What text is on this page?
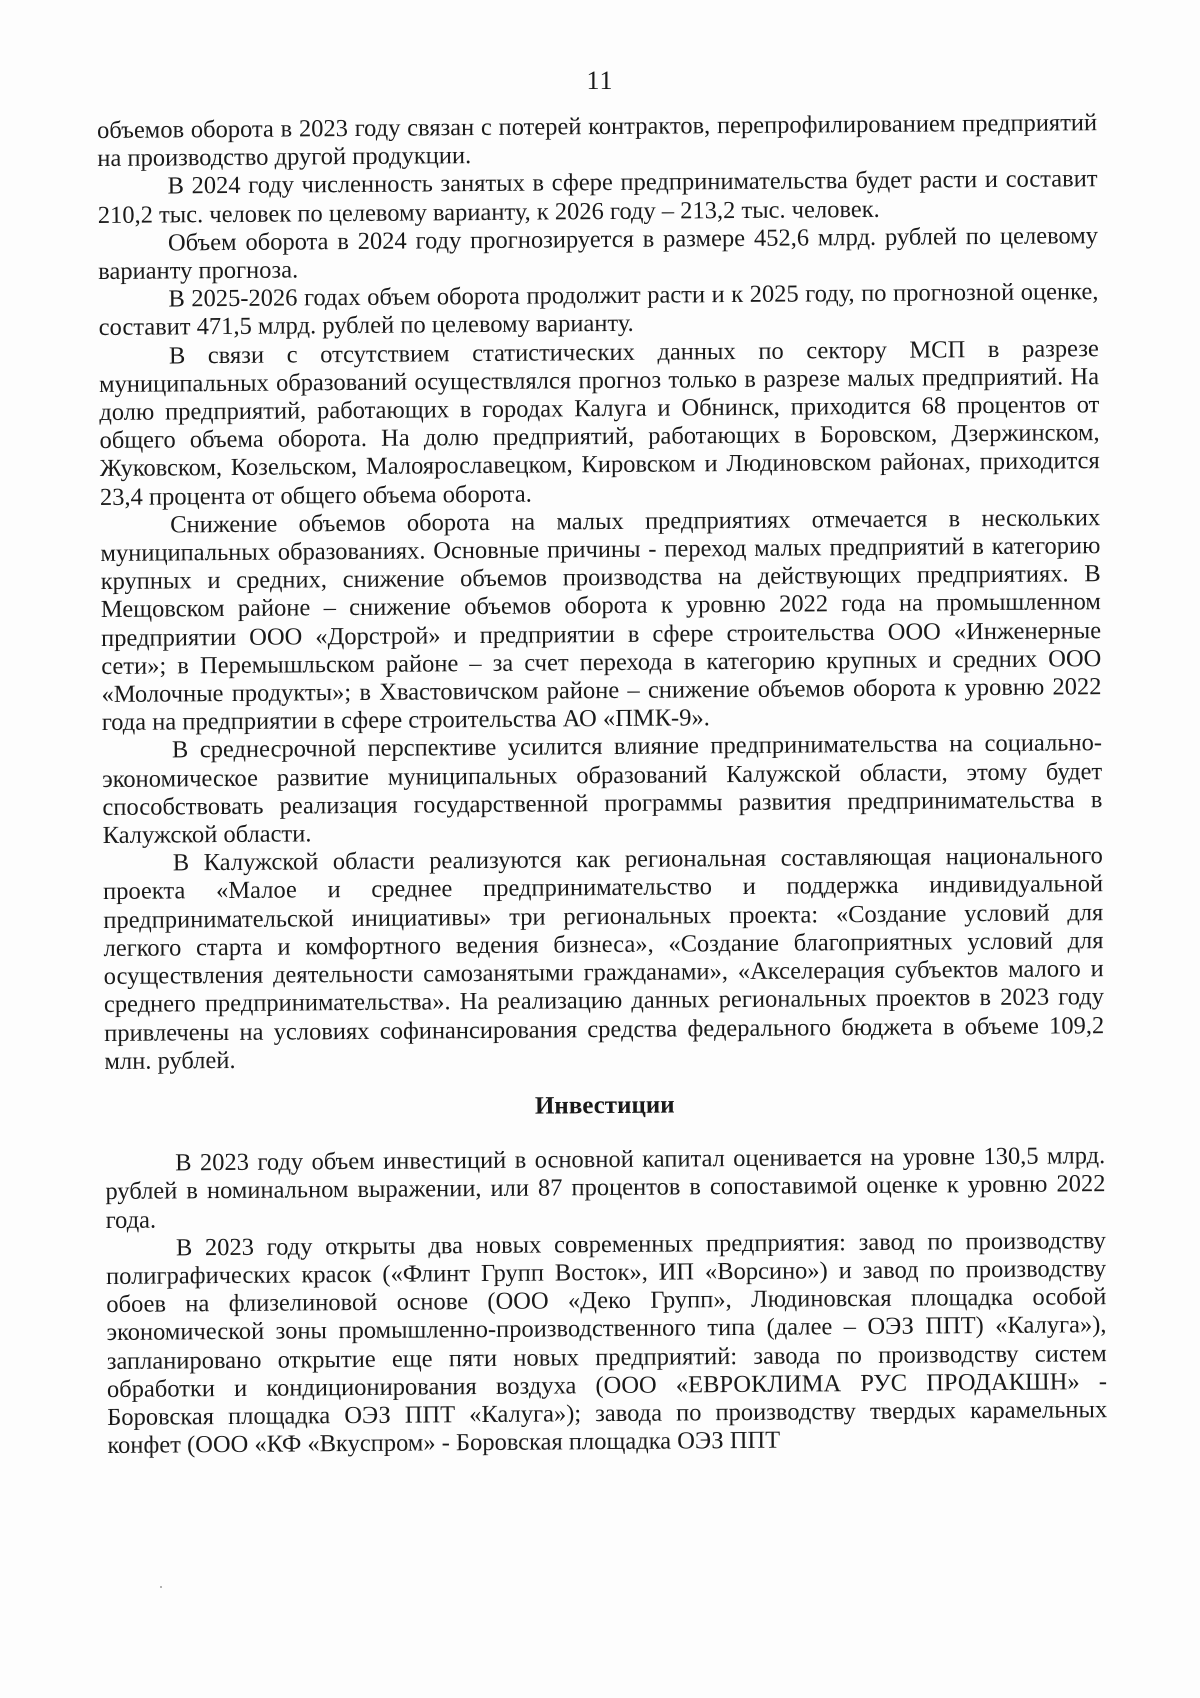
11

объемов оборота в 2023 году связан с потерей контрактов, перепрофилированием предприятий на производство другой продукции.

В 2024 году численность занятых в сфере предпринимательства будет расти и составит 210,2 тыс. человек по целевому варианту, к 2026 году – 213,2 тыс. человек.

Объем оборота в 2024 году прогнозируется в размере 452,6 млрд. рублей по целевому варианту прогноза.

В 2025-2026 годах объем оборота продолжит расти и к 2025 году, по прогнозной оценке, составит 471,5 млрд. рублей по целевому варианту.

В связи с отсутствием статистических данных по сектору МСП в разрезе муниципальных образований осуществлялся прогноз только в разрезе малых предприятий. На долю предприятий, работающих в городах Калуга и Обнинск, приходится 68 процентов от общего объема оборота. На долю предприятий, работающих в Боровском, Дзержинском, Жуковском, Козельском, Малоярославецком, Кировском и Людиновском районах, приходится 23,4 процента от общего объема оборота.

Снижение объемов оборота на малых предприятиях отмечается в нескольких муниципальных образованиях. Основные причины - переход малых предприятий в категорию крупных и средних, снижение объемов производства на действующих предприятиях. В Мещовском районе – снижение объемов оборота к уровню 2022 года на промышленном предприятии ООО «Дорстрой» и предприятии в сфере строительства ООО «Инженерные сети»; в Перемышльском районе – за счет перехода в категорию крупных и средних ООО «Молочные продукты»; в Хвастовичском районе – снижение объемов оборота к уровню 2022 года на предприятии в сфере строительства АО «ПМК-9».

В среднесрочной перспективе усилится влияние предпринимательства на социально-экономическое развитие муниципальных образований Калужской области, этому будет способствовать реализация государственной программы развития предпринимательства в Калужской области.

В Калужской области реализуются как региональная составляющая национального проекта «Малое и среднее предпринимательство и поддержка индивидуальной предпринимательской инициативы» три региональных проекта: «Создание условий для легкого старта и комфортного ведения бизнеса», «Создание благоприятных условий для осуществления деятельности самозанятыми гражданами», «Акселерация субъектов малого и среднего предпринимательства». На реализацию данных региональных проектов в 2023 году привлечены на условиях софинансирования средства федерального бюджета в объеме 109,2 млн. рублей.

Инвестиции

В 2023 году объем инвестиций в основной капитал оценивается на уровне 130,5 млрд. рублей в номинальном выражении, или 87 процентов в сопоставимой оценке к уровню 2022 года.

В 2023 году открыты два новых современных предприятия: завод по производству полиграфических красок («Флинт Групп Восток», ИП «Ворсино») и завод по производству обоев на флизелиновой основе (ООО «Деко Групп», Людиновская площадка особой экономической зоны промышленно-производственного типа (далее – ОЭЗ ППТ) «Калуга»), запланировано открытие еще пяти новых предприятий: завода по производству систем обработки и кондиционирования воздуха (ООО «ЕВРОКЛИМА РУС ПРОДАКШН» - Боровская площадка ОЭЗ ППТ «Калуга»); завода по производству твердых карамельных конфет (ООО «КФ «Вкуспром» - Боровская площадка ОЭЗ ППТ
